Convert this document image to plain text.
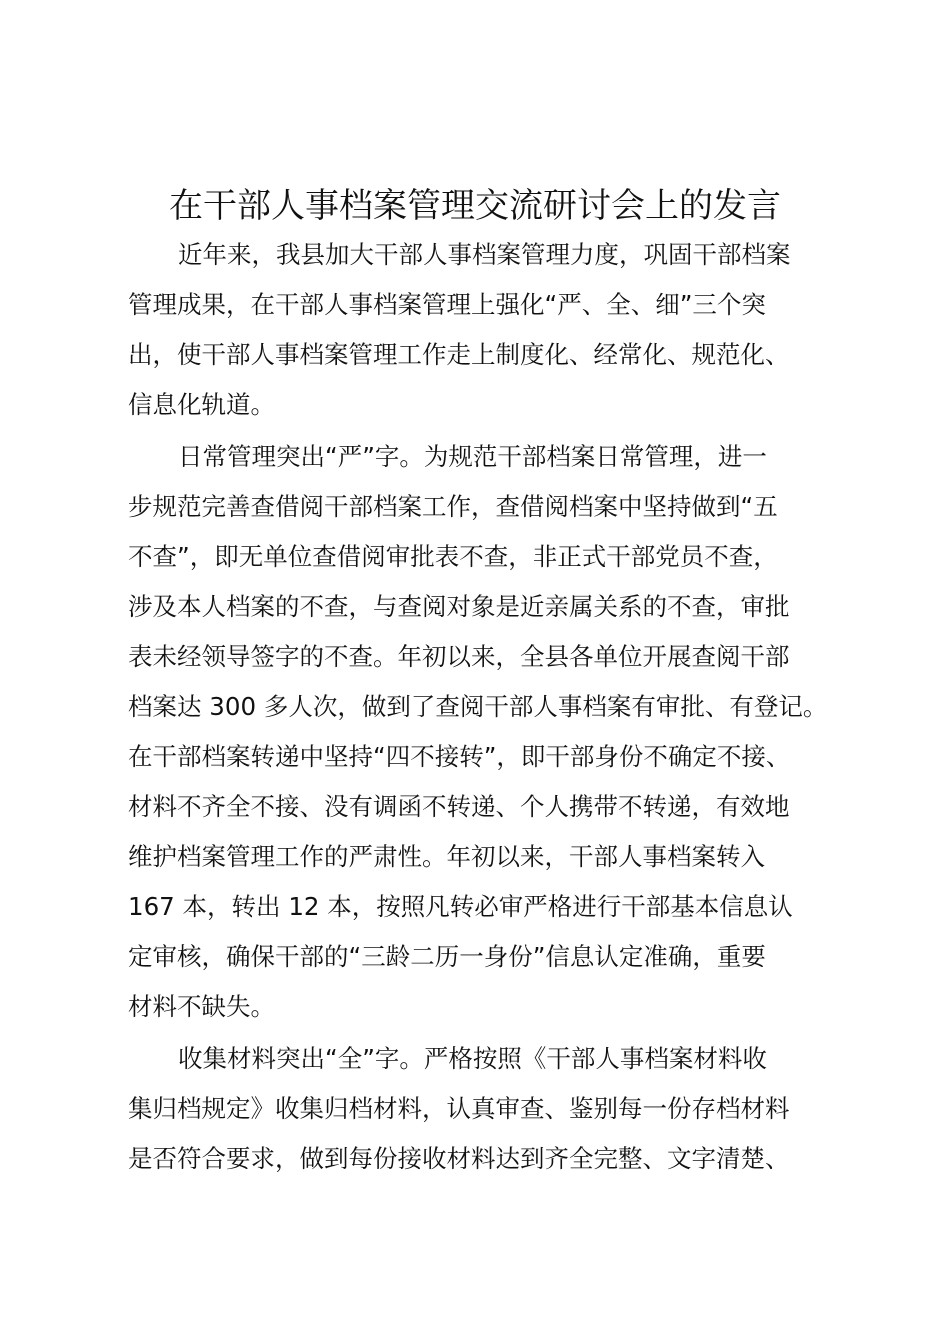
在干部人事档案管理交流研讨会上的发言
近年来，我县加大干部人事档案管理力度，巩固干部档案
管理成果，在干部人事档案管理上强化“严、全、细”三个突
出，使干部人事档案管理工作走上制度化、经常化、规范化、
信息化轨道。
日常管理突出“严”字。为规范干部档案日常管理，进一
步规范完善查借阅干部档案工作，查借阅档案中坚持做到“五
不查”，即无单位查借阅审批表不查，非正式干部党员不查，
涉及本人档案的不查，与查阅对象是近亲属关系的不查，审批
表未经领导签字的不查。年初以来，全县各单位开展查阅干部
档案达 300 多人次，做到了查阅干部人事档案有审批、有登记。
在干部档案转递中坚持“四不接转”，即干部身份不确定不接、
材料不齐全不接、没有调函不转递、个人携带不转递，有效地
维护档案管理工作的严肃性。年初以来，干部人事档案转入
167 本，转出 12 本，按照凡转必审严格进行干部基本信息认
定审核，确保干部的“三龄二历一身份”信息认定准确，重要
材料不缺失。
收集材料突出“全”字。严格按照《干部人事档案材料收
集归档规定》收集归档材料，认真审查、鉴别每一份存档材料
是否符合要求，做到每份接收材料达到齐全完整、文字清楚、
